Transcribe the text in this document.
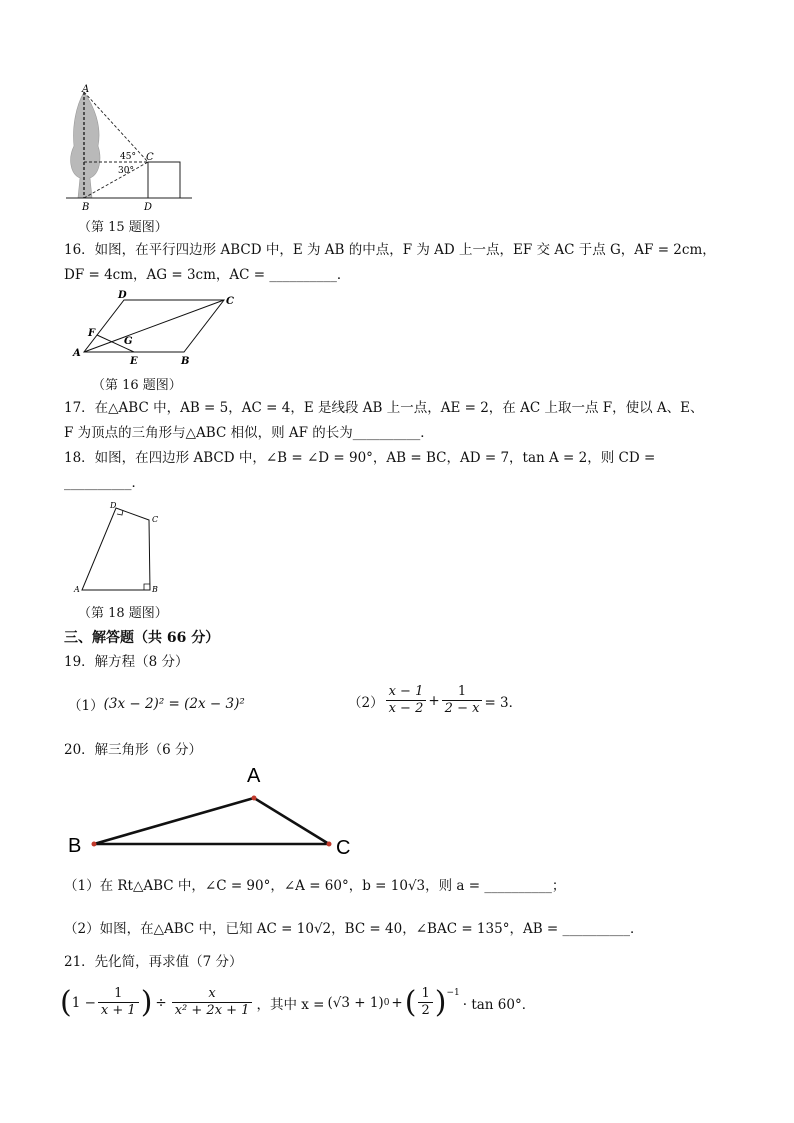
A
C
B	D
45°
30°
（第 15 题图）
16．如图，在平行四边形 ABCD 中，E 为 AB 的中点，F 为 AD 上一点，EF 交 AC 于点 G，AF = 2cm，
DF = 4cm，AG = 3cm，AC = __________．
D
C
F
G
A
E	B
（第 16 题图）
17．在△ABC 中，AB = 5，AC = 4，E 是线段 AB 上一点，AE = 2，在 AC 上取一点 F，使以 A、E、
F 为顶点的三角形与△ABC 相似，则 AF 的长为__________．
18．如图，在四边形 ABCD 中，∠B = ∠D = 90°，AB = BC，AD = 7，tan A = 2，则 CD =
__________．
D
C
A	B
（第 18 题图）
三、解答题（共 66 分）
19．解方程（8 分）
（1） (3x − 2)² = (2x − 3)²	$(2) \frac{x - 1}{x - 2} + \frac{1}{2 - x} = 3$．
20．解三角形（6 分）
A
B	C
（1）在 Rt△ABC 中，∠C = 90°，∠A = 60°，b = 10√3，则 a = __________；
（2）如图，在△ABC 中，已知 AC = 10√2，BC = 40，∠BAC = 135°，AB = __________．
21．先化简，再求值（7 分）
( $1 - \frac{1}{x + 1}$ ) ÷ $\frac{x}{\text{x² + 2x + 1}}$ ，其中 x = (√3 + 1) 0 + ( $\frac{1}{2}$ ) −1
· tan 60°．
